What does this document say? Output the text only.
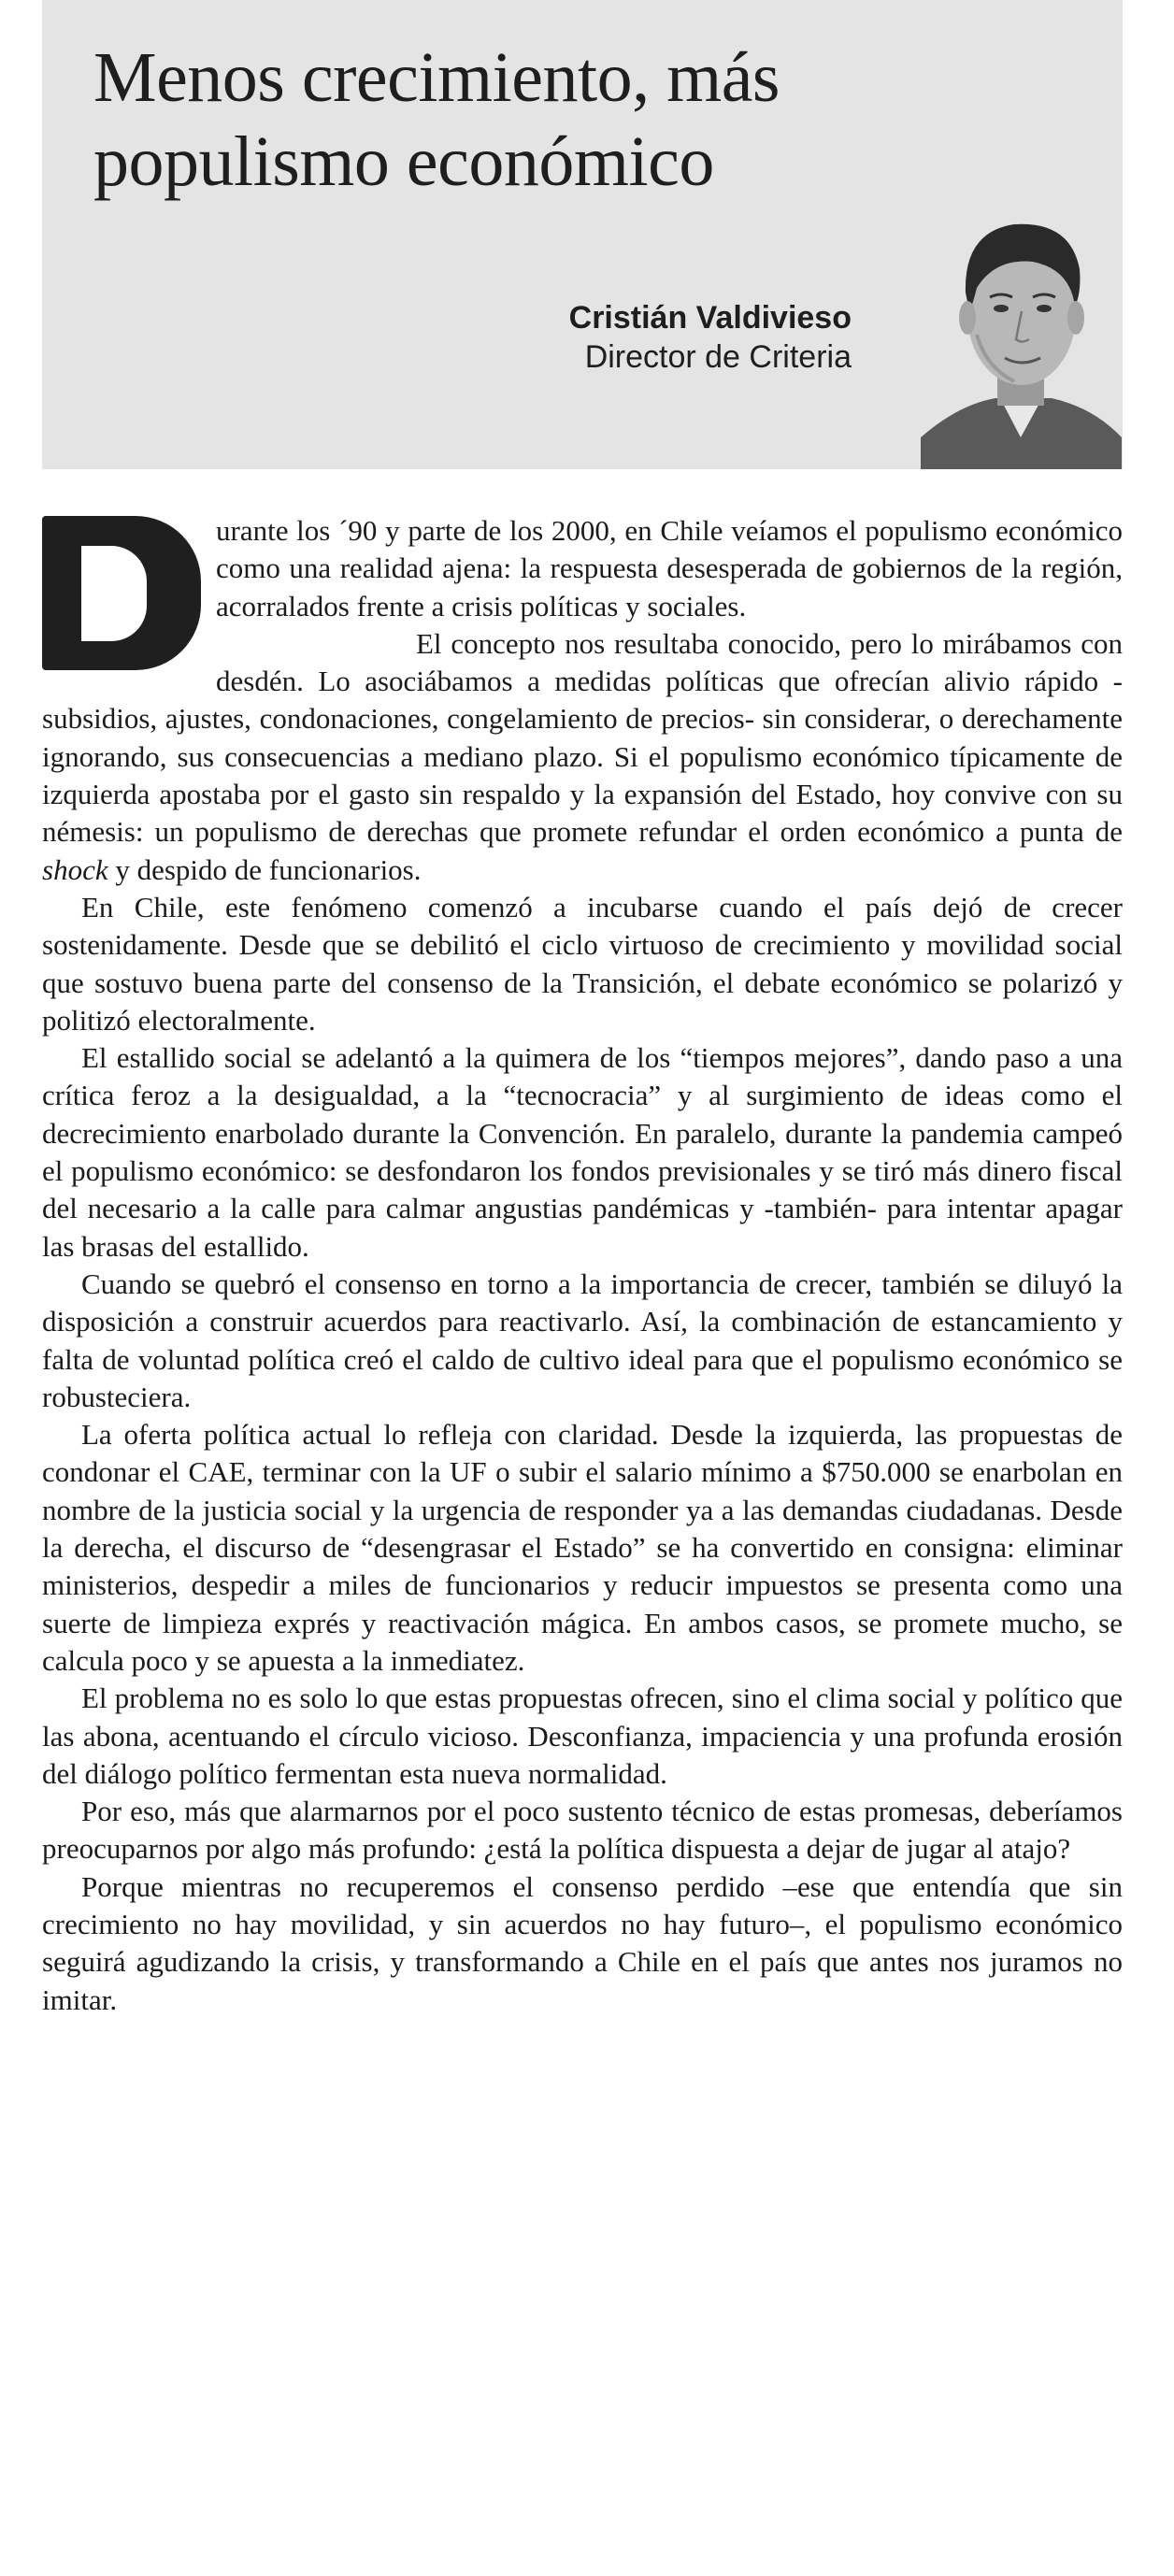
Menos crecimiento, más populismo económico
Cristián Valdivieso
Director de Criteria

urante los ´90 y parte de los 2000, en Chile veíamos el populismo económico como una realidad ajena: la respuesta desesperada de gobiernos de la región, acorralados frente a crisis políticas y sociales.

El concepto nos resultaba conocido, pero lo mirábamos con desdén. Lo asociábamos a medidas políticas que ofrecían alivio rápido -subsidios, ajustes, condonaciones, congelamiento de precios- sin considerar, o derechamente ignorando, sus consecuencias a mediano plazo. Si el populismo económico típicamente de izquierda apostaba por el gasto sin respaldo y la expansión del Estado, hoy convive con su némesis: un populismo de derechas que promete refundar el orden económico a punta de shock y despido de funcionarios.

En Chile, este fenómeno comenzó a incubarse cuando el país dejó de crecer sostenidamente. Desde que se debilitó el ciclo virtuoso de crecimiento y movilidad social que sostuvo buena parte del consenso de la Transición, el debate económico se polarizó y politizó electoralmente.

El estallido social se adelantó a la quimera de los “tiempos mejores”, dando paso a una crítica feroz a la desigualdad, a la “tecnocracia” y al surgimiento de ideas como el decrecimiento enarbolado durante la Convención. En paralelo, durante la pandemia campeó el populismo económico: se desfondaron los fondos previsionales y se tiró más dinero fiscal del necesario a la calle para calmar angustias pandémicas y -también- para intentar apagar las brasas del estallido.

Cuando se quebró el consenso en torno a la importancia de crecer, también se diluyó la disposición a construir acuerdos para reactivarlo. Así, la combinación de estancamiento y falta de voluntad política creó el caldo de cultivo ideal para que el populismo económico se robusteciera.

La oferta política actual lo refleja con claridad. Desde la izquierda, las propuestas de condonar el CAE, terminar con la UF o subir el salario mínimo a $750.000 se enarbolan en nombre de la justicia social y la urgencia de responder ya a las demandas ciudadanas. Desde la derecha, el discurso de “desengrasar el Estado” se ha convertido en consigna: eliminar ministerios, despedir a miles de funcionarios y reducir impuestos se presenta como una suerte de limpieza exprés y reactivación mágica. En ambos casos, se promete mucho, se calcula poco y se apuesta a la inmediatez.

El problema no es solo lo que estas propuestas ofrecen, sino el clima social y político que las abona, acentuando el círculo vicioso. Desconfianza, impaciencia y una profunda erosión del diálogo político fermentan esta nueva normalidad.

Por eso, más que alarmarnos por el poco sustento técnico de estas promesas, deberíamos preocuparnos por algo más profundo: ¿está la política dispuesta a dejar de jugar al atajo?

Porque mientras no recuperemos el consenso perdido –ese que entendía que sin crecimiento no hay movilidad, y sin acuerdos no hay futuro–, el populismo económico seguirá agudizando la crisis, y transformando a Chile en el país que antes nos juramos no imitar.
